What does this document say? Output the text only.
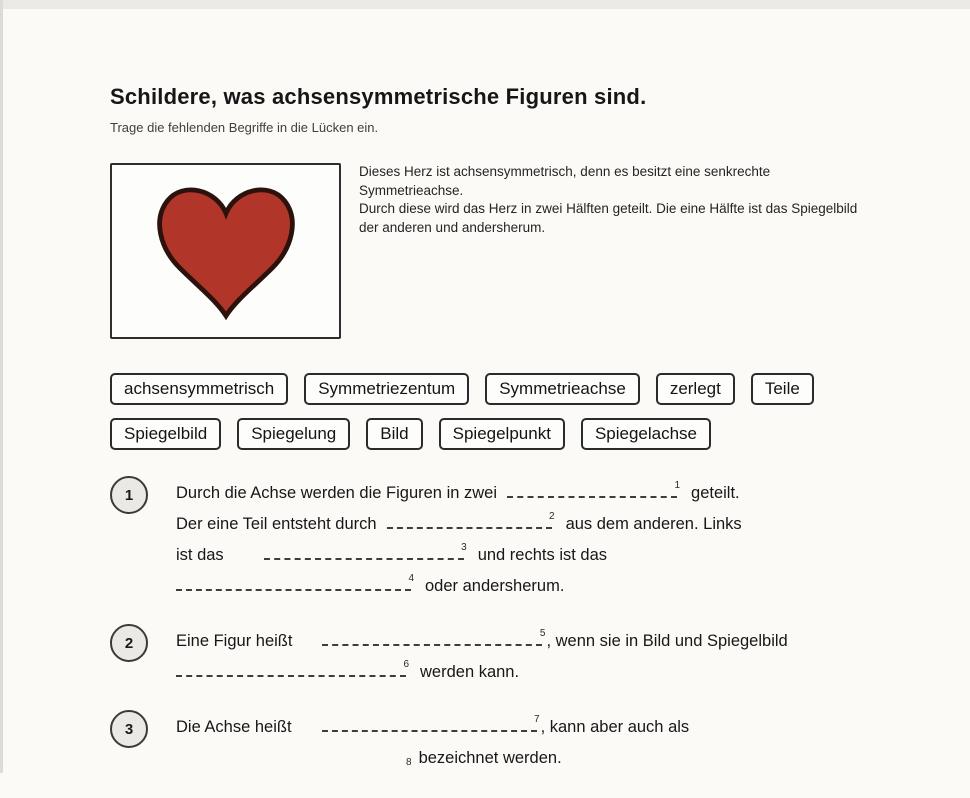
Schildere, was achsensymmetrische Figuren sind.
Trage die fehlenden Begriffe in die Lücken ein.

Dieses Herz ist achsensymmetrisch, denn es besitzt eine senkrechte Symmetrieachse.

Durch diese wird das Herz in zwei Hälften geteilt. Die eine Hälfte ist das Spiegelbild der anderen und andersherum.

achsensymmetrisch	Symmetriezentum	Symmetrieachse	zerlegt	Teile
Spiegelbild	Spiegelung	Bild	Spiegelpunkt	Spiegelachse
1	Durch die Achse werden die Figuren in zwei	1 geteilt.
Der eine Teil entsteht durch	2 aus dem anderen. Links
ist das	3 und rechts ist das
4 oder andersherum.
2	Eine Figur heißt	5 , wenn sie in Bild und Spiegelbild
6 werden kann.
3	Die Achse heißt	7 , kann aber auch als
8 bezeichnet werden.
